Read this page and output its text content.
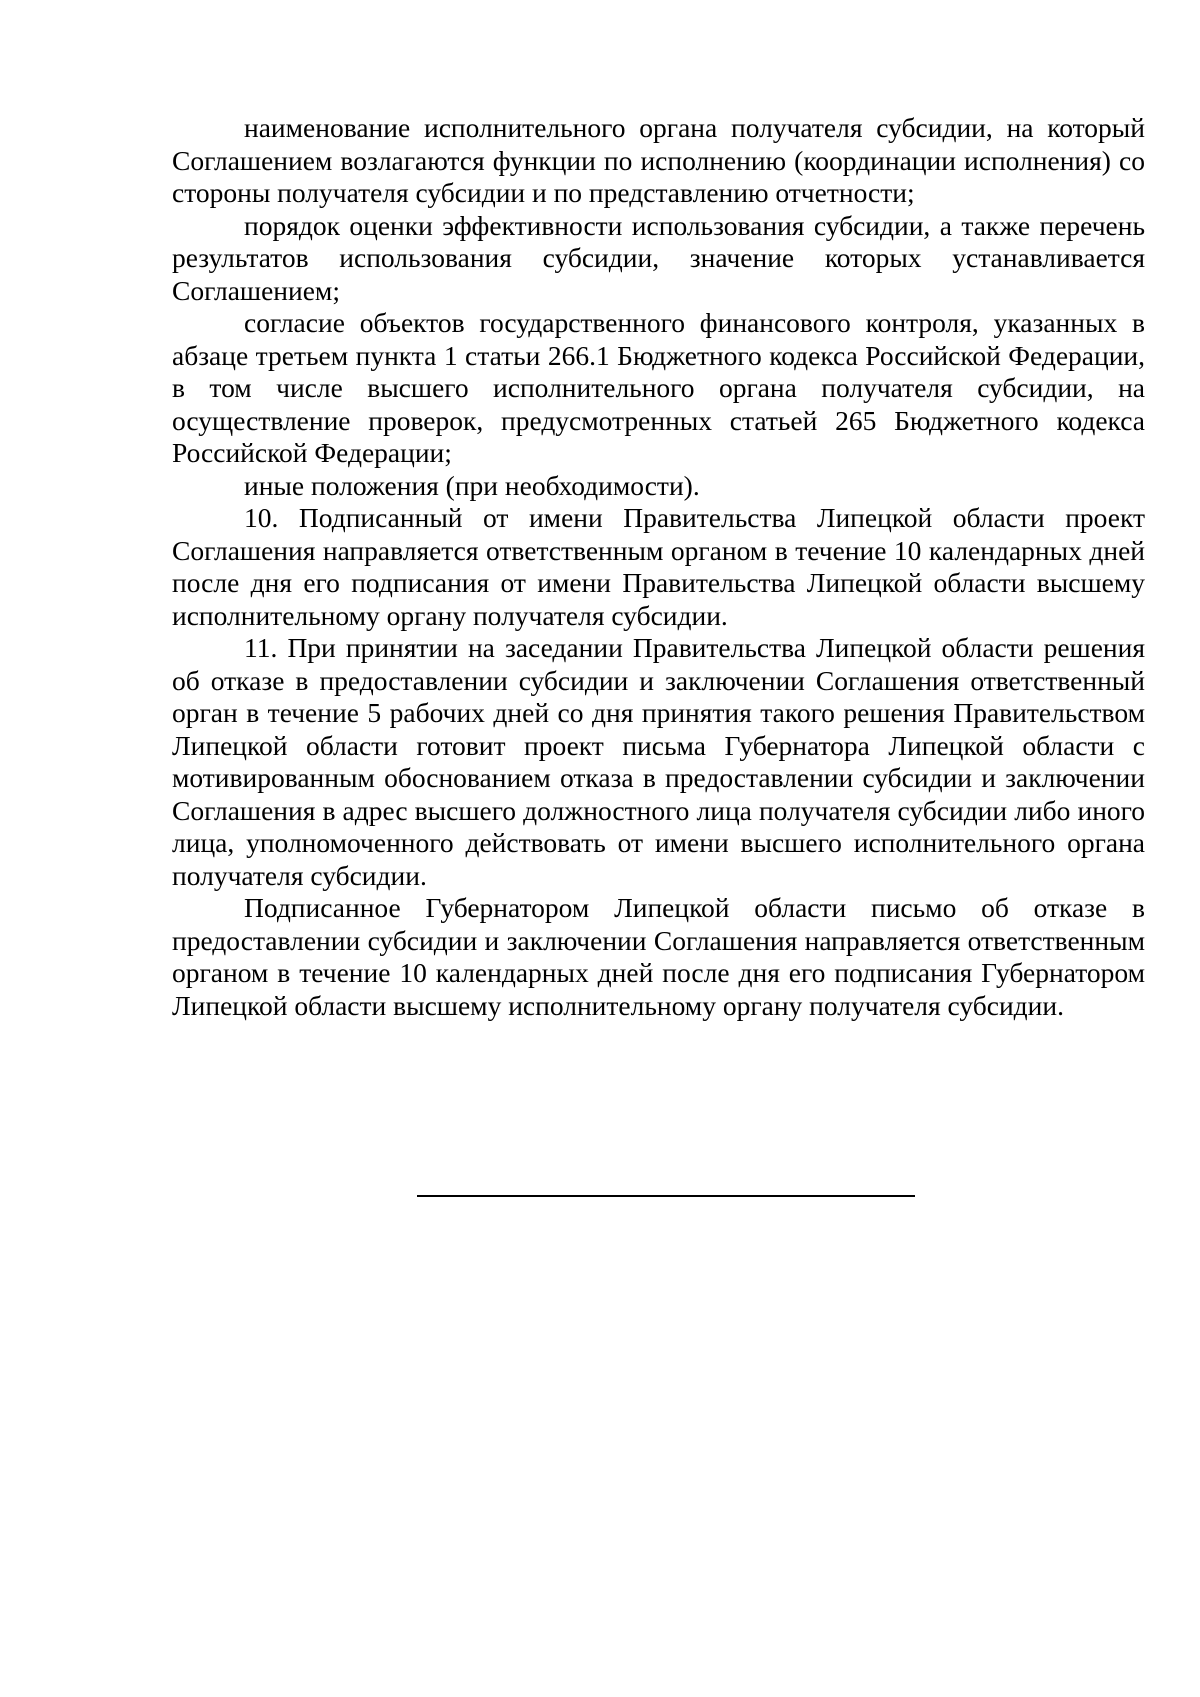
наименование исполнительного органа получателя субсидии, на который Соглашением возлагаются функции по исполнению (координации исполнения) со стороны получателя субсидии и по представлению отчетности;

порядок оценки эффективности использования субсидии, а также перечень результатов использования субсидии, значение которых устанавливается Соглашением;

согласие объектов государственного финансового контроля, указанных в абзаце третьем пункта 1 статьи 266.1 Бюджетного кодекса Российской Федерации, в том числе высшего исполнительного органа получателя субсидии, на осуществление проверок, предусмотренных статьей 265 Бюджетного кодекса Российской Федерации;

иные положения (при необходимости).

10. Подписанный от имени Правительства Липецкой области проект Соглашения направляется ответственным органом в течение 10 календарных дней после дня его подписания от имени Правительства Липецкой области высшему исполнительному органу получателя субсидии.

11. При принятии на заседании Правительства Липецкой области решения об отказе в предоставлении субсидии и заключении Соглашения ответственный орган в течение 5 рабочих дней со дня принятия такого решения Правительством Липецкой области готовит проект письма Губернатора Липецкой области с мотивированным обоснованием отказа в предоставлении субсидии и заключении Соглашения в адрес высшего должностного лица получателя субсидии либо иного лица, уполномоченного действовать от имени высшего исполнительного органа получателя субсидии.

Подписанное Губернатором Липецкой области письмо об отказе в предоставлении субсидии и заключении Соглашения направляется ответственным органом в течение 10 календарных дней после дня его подписания Губернатором Липецкой области высшему исполнительному органу получателя субсидии.
